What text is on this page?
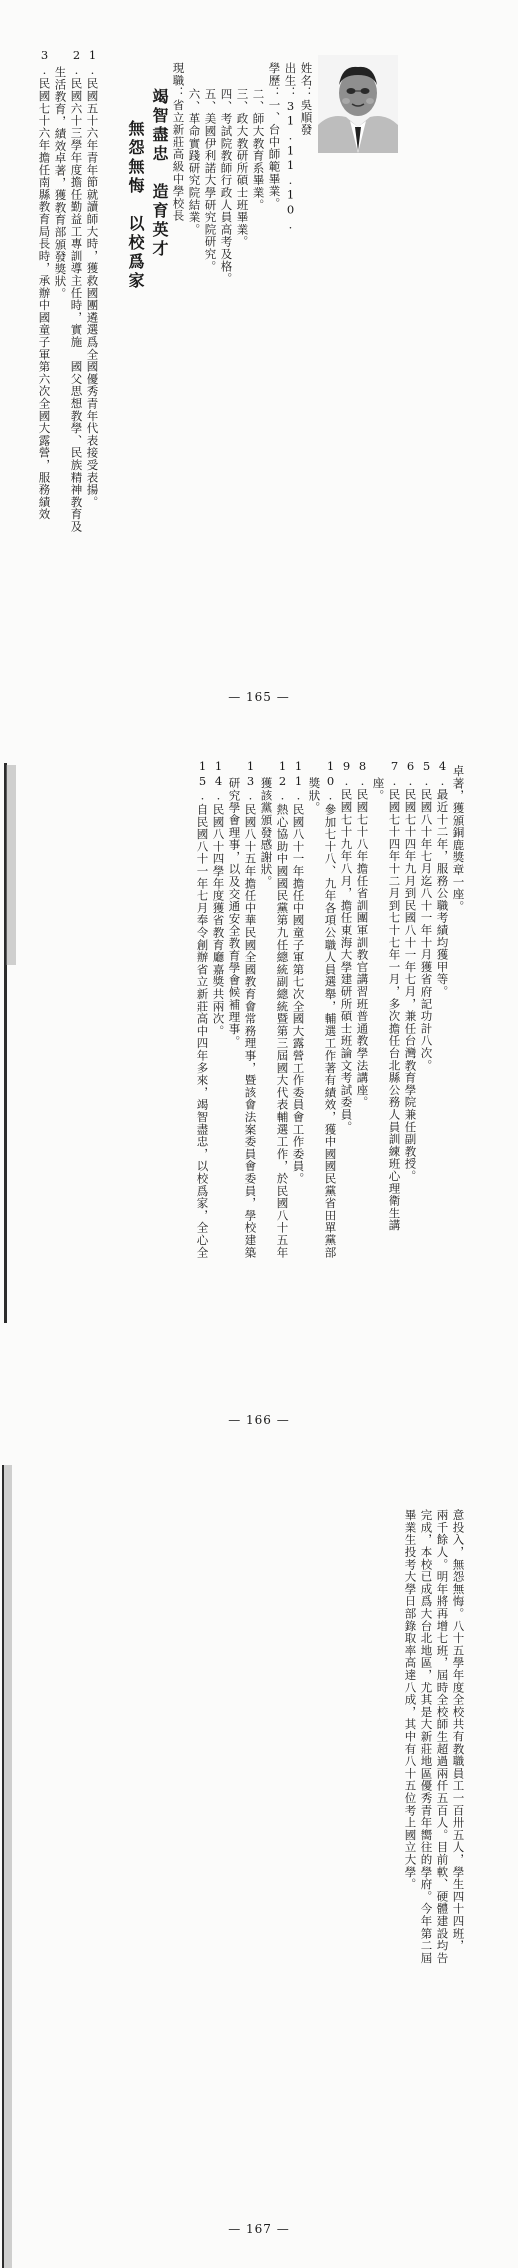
姓名：吳順發
出生：31.11.10.
學歷：一、台中師範畢業。
二、師大教育系畢業。
三、政大教研所碩士班畢業。
四、考試院教師行政人員高考及格。
五、美國伊利諾大學研究院研究。
六、革命實踐研究院結業。
現職：省立新莊高級中學校長
竭智盡忠　造育英才
無怨無悔　以校爲家
1.民國五十六年青年節就讀師大時，獲救國團遴選爲全國優秀青年代表接受表揚。
2.民國六十三學年度擔任勤益工專訓導主任時，實施　國父思想教學、民族精神教育及
生活教育，績效卓著，獲教育部頒發獎狀。
3.民國七十六年擔任南縣教育局長時，承辦中國童子軍第六次全國大露營，服務績效
— 165 —
卓著，獲頒銅鹿獎章一座。
4.最近十二年，服務公職考績均獲甲等。
5.民國八十年七月迄八十一年十月獲省府記功計八次。
6.民國七十四年九月到民國八十一年七月，兼任台灣教育學院兼任副教授。
7.民國七十四年十二月到七十七年一月，多次擔任台北縣公務人員訓練班心理衛生講
座。
8.民國七十八年擔任省訓團軍訓教官講習班普通教學法講座。
9.民國七十九年八月，擔任東海大學建研所碩士班論文考試委員。
10.參加七十八、九年各項公職人員選舉，輔選工作著有績效，獲中國國民黨省田單黨部
獎狀。
11.民國八十一年擔任中國童子軍第七次全國大露營工作委員會工作委員。
12.熱心協助中國國民黨第九任總統副總統暨第三屆國大代表輔選工作，於民國八十五年
獲該黨頒發感謝狀。
13.民國八十五年擔任中華民國全國教育會常務理事，暨該會法案委員會委員，學校建築
研究學會理事，以及交通安全教育學會候補理事。
14.民國八十四學年度獲省教育廳嘉獎共兩次。
15.自民國八十一年七月奉令創辦省立新莊高中四年多來，竭智盡忠，以校爲家，全心全
— 166 —
意投入，無怨無悔。八十五學年度全校共有教職員工一百卅五人，學生四十四班，
兩千餘人。明年將再增七班，屆時全校師生超過兩仟五百人。目前軟、硬體建設均告
完成，本校已成爲大台北地區，尤其是大新莊地區優秀青年嚮往的學府。今年第二屆
畢業生投考大學日部錄取率高達八成，其中有八十五位考上國立大學。
— 167 —
